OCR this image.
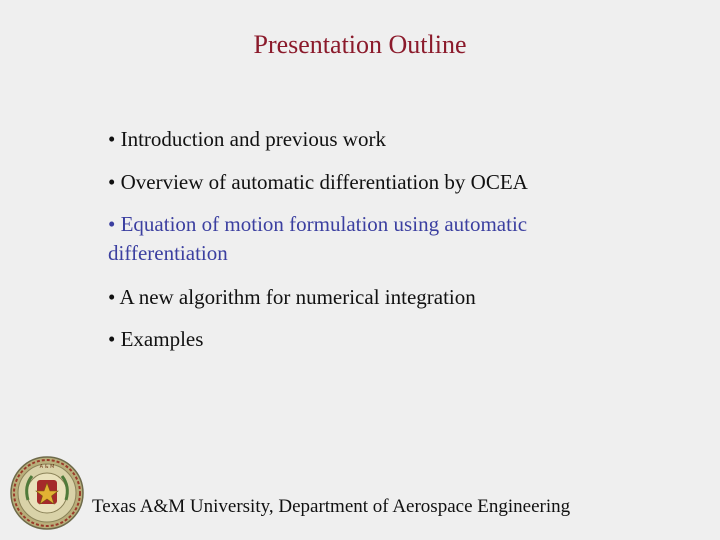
Presentation Outline
• Introduction and previous work
• Overview of automatic differentiation by OCEA
• Equation of motion formulation using automatic differentiation
• A new algorithm for numerical integration
• Examples
A & M
Texas A&M University, Department of Aerospace Engineering
